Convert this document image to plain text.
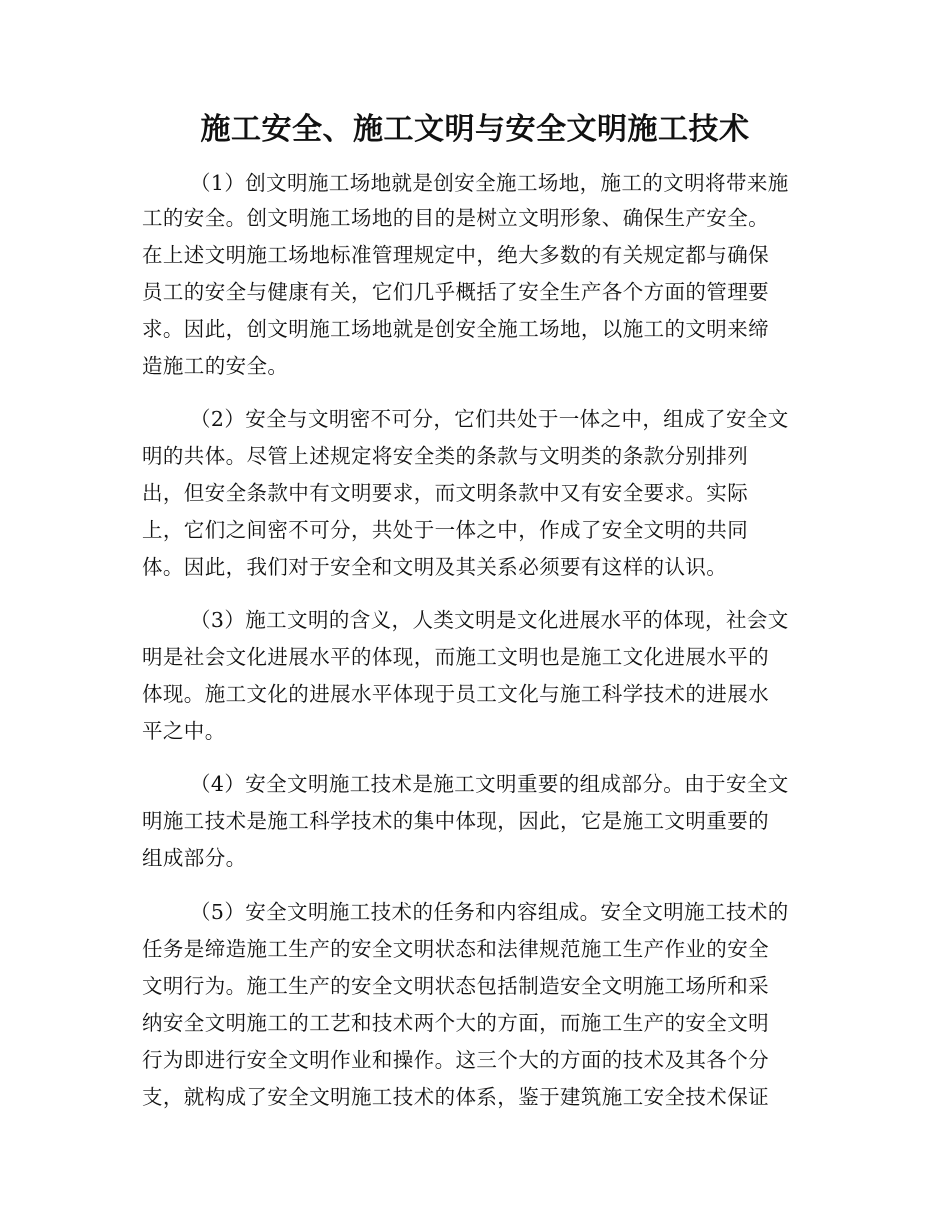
施工安全、施工文明与安全文明施工技术
（1）创文明施工场地就是创安全施工场地，施工的文明将带来施
工的安全。创文明施工场地的目的是树立文明形象、确保生产安全。
在上述文明施工场地标准管理规定中，绝大多数的有关规定都与确保
员工的安全与健康有关，它们几乎概括了安全生产各个方面的管理要
求。因此，创文明施工场地就是创安全施工场地，以施工的文明来缔
造施工的安全。
（2）安全与文明密不可分，它们共处于一体之中，组成了安全文
明的共体。尽管上述规定将安全类的条款与文明类的条款分别排列
出，但安全条款中有文明要求，而文明条款中又有安全要求。实际
上，它们之间密不可分，共处于一体之中，作成了安全文明的共同
体。因此，我们对于安全和文明及其关系必须要有这样的认识。
（3）施工文明的含义，人类文明是文化进展水平的体现，社会文
明是社会文化进展水平的体现，而施工文明也是施工文化进展水平的
体现。施工文化的进展水平体现于员工文化与施工科学技术的进展水
平之中。
（4）安全文明施工技术是施工文明重要的组成部分。由于安全文
明施工技术是施工科学技术的集中体现，因此，它是施工文明重要的
组成部分。
（5）安全文明施工技术的任务和内容组成。安全文明施工技术的
任务是缔造施工生产的安全文明状态和法律规范施工生产作业的安全
文明行为。施工生产的安全文明状态包括制造安全文明施工场所和采
纳安全文明施工的工艺和技术两个大的方面，而施工生产的安全文明
行为即进行安全文明作业和操作。这三个大的方面的技术及其各个分
支，就构成了安全文明施工技术的体系，鉴于建筑施工安全技术保证
